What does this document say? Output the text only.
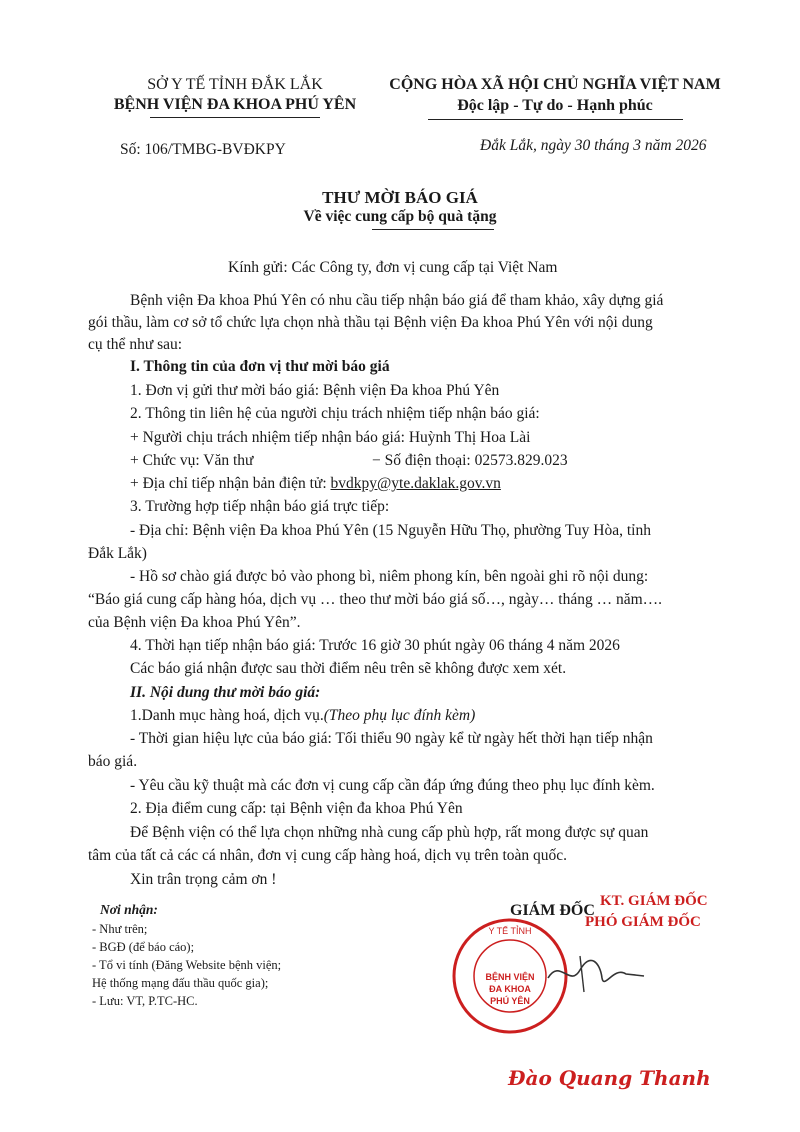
SỞ Y TẾ TỈNH ĐẮK LẮK
BỆNH VIỆN ĐA KHOA PHÚ YÊN
CỘNG HÒA XÃ HỘI CHỦ NGHĨA VIỆT NAM
Độc lập - Tự do - Hạnh phúc
Số: 106/TMBG-BVĐKPY	Đắk Lắk, ngày 30 tháng 3 năm 2026
THƯ MỜI BÁO GIÁ
Về việc cung cấp bộ quà tặng
Kính gửi: Các Công ty, đơn vị cung cấp tại Việt Nam
Bệnh viện Đa khoa Phú Yên có nhu cầu tiếp nhận báo giá để tham khảo, xây dựng giá
gói thầu, làm cơ sở tổ chức lựa chọn nhà thầu tại Bệnh viện Đa khoa Phú Yên với nội dung
cụ thể như sau:
I. Thông tin của đơn vị thư mời báo giá
1. Đơn vị gửi thư mời báo giá: Bệnh viện Đa khoa Phú Yên
2. Thông tin liên hệ của người chịu trách nhiệm tiếp nhận báo giá:
+ Người chịu trách nhiệm tiếp nhận báo giá: Huỳnh Thị Hoa Lài
+ Chức vụ: Văn thư	− Số điện thoại: 02573.829.023
+ Địa chỉ tiếp nhận bản điện tử: bvdkpy@yte.daklak.gov.vn
3. Trường hợp tiếp nhận báo giá trực tiếp:
- Địa chỉ: Bệnh viện Đa khoa Phú Yên (15 Nguyễn Hữu Thọ, phường Tuy Hòa, tỉnh
Đắk Lắk)
- Hồ sơ chào giá được bỏ vào phong bì, niêm phong kín, bên ngoài ghi rõ nội dung:
“Báo giá cung cấp hàng hóa, dịch vụ … theo thư mời báo giá số…, ngày… tháng … năm….
của Bệnh viện Đa khoa Phú Yên”.
4. Thời hạn tiếp nhận báo giá: Trước 16 giờ 30 phút ngày 06 tháng 4 năm 2026
Các báo giá nhận được sau thời điểm nêu trên sẽ không được xem xét.
II. Nội dung thư mời báo giá:
1.Danh mục hàng hoá, dịch vụ.(Theo phụ lục đính kèm)
- Thời gian hiệu lực của báo giá: Tối thiểu 90 ngày kể từ ngày hết thời hạn tiếp nhận
báo giá.
- Yêu cầu kỹ thuật mà các đơn vị cung cấp cần đáp ứng đúng theo phụ lục đính kèm.
2. Địa điểm cung cấp: tại Bệnh viện đa khoa Phú Yên
Để Bệnh viện có thể lựa chọn những nhà cung cấp phù hợp, rất mong được sự quan
tâm của tất cả các cá nhân, đơn vị cung cấp hàng hoá, dịch vụ trên toàn quốc.
Xin trân trọng cảm ơn !
Nơi nhận:
- Như trên;
- BGĐ (để báo cáo);
- Tổ vi tính (Đăng Website bệnh viện;
Hệ thống mạng đấu thầu quốc gia);
- Lưu: VT, P.TC-HC.
GIÁM ĐỐC
KT. GIÁM ĐỐC
PHÓ GIÁM ĐỐC
Y TẾ TỈNH
BỆNH VIỆN
ĐA KHOA
PHÚ YÊN
Đào Quang Thanh
